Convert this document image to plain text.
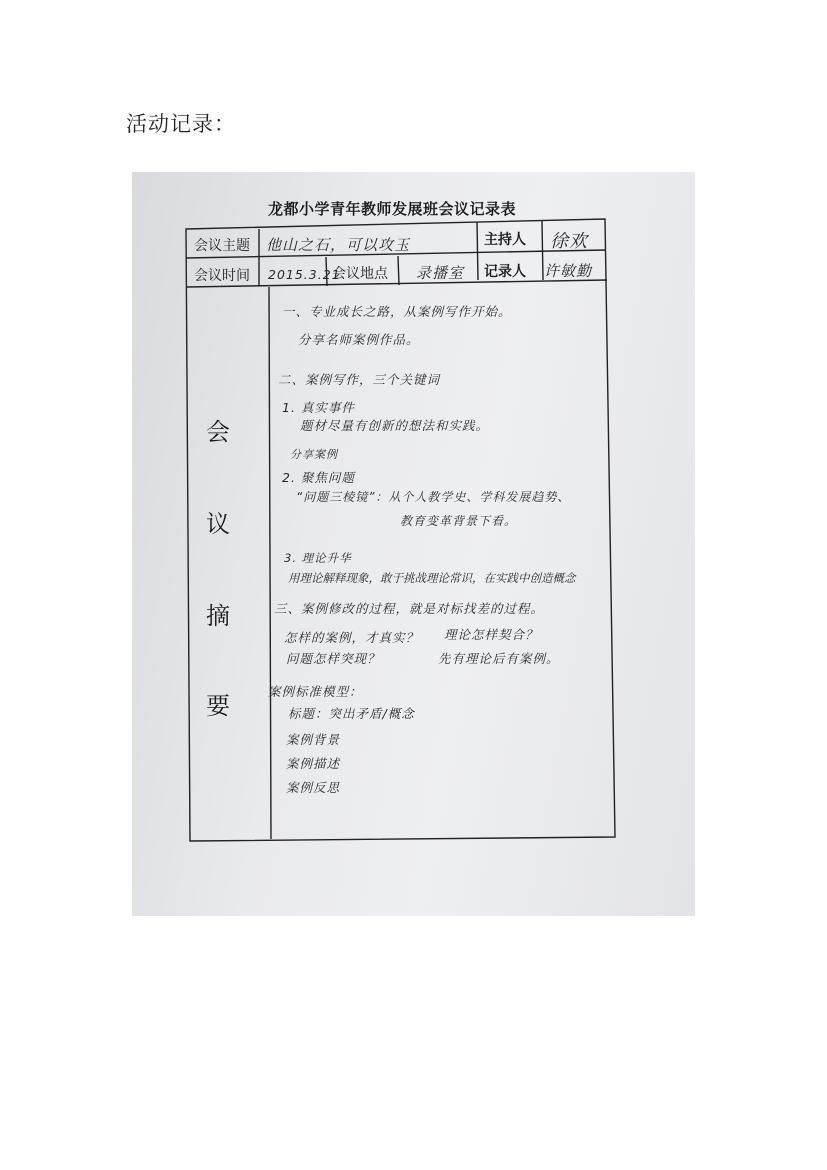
活动记录：
龙都小学青年教师发展班会议记录表
会议主题 他山之石，可以攻玉	主持人 徐欢
会议时间 2015.3.21
会议地点 录播室 记录人 许敏勤
会
议
摘
要
一、专业成长之路，从案例写作开始。
分享名师案例作品。
二、案例写作，三个关键词
1. 真实事件
题材尽量有创新的想法和实践。
分享案例
2. 聚焦问题
“问题三棱镜”：从个人教学史、学科发展趋势、
教育变革背景下看。
3. 理论升华
用理论解释现象，敢于挑战理论常识，在实践中创造概念
三、案例修改的过程，就是对标找差的过程。
怎样的案例，才真实？ 理论怎样契合？
问题怎样突现？	先有理论后有案例。
案例标准模型：
标题：突出矛盾/概念
案例背景
案例描述
案例反思
